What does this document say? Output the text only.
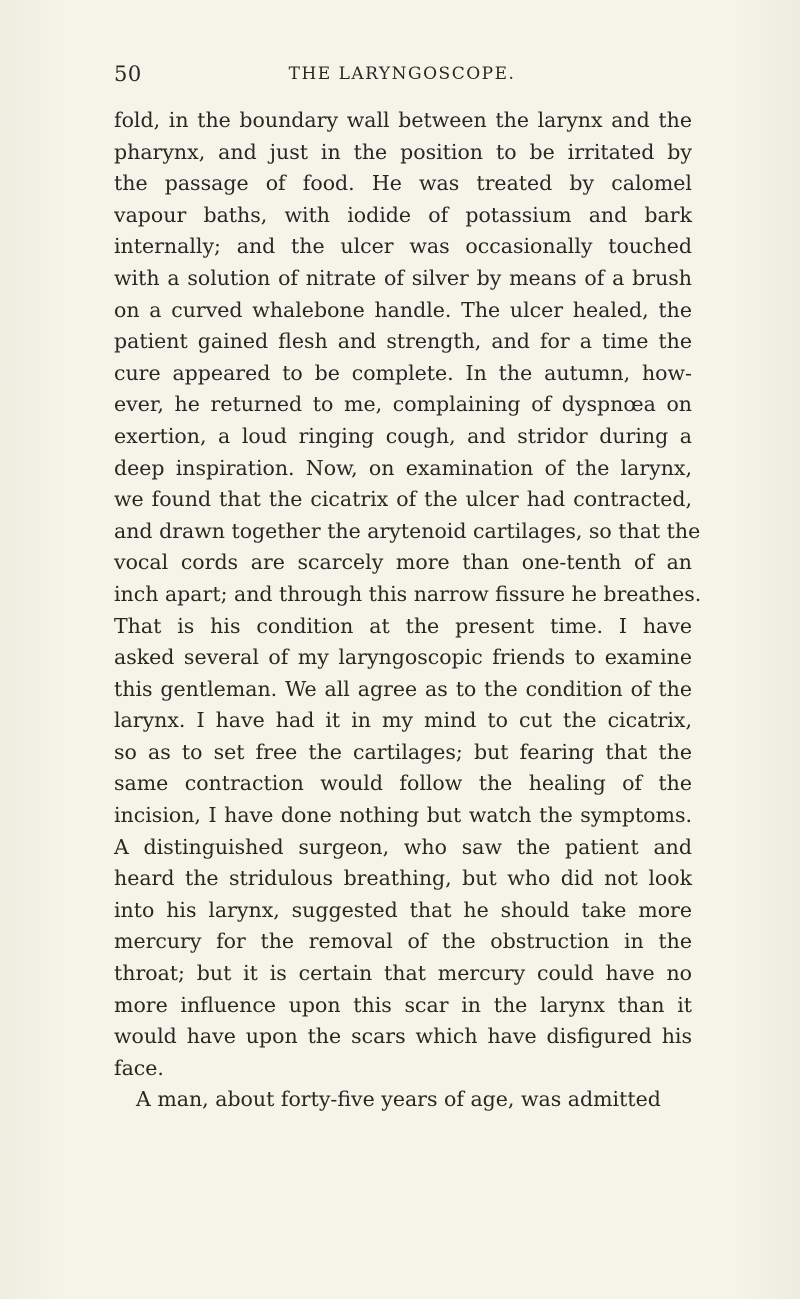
50	THE LARYNGOSCOPE.
fold, in the boundary wall between the larynx and the
pharynx, and just in the position to be irritated by
the passage of food. He was treated by calomel
vapour baths, with iodide of potassium and bark
internally; and the ulcer was occasionally touched
with a solution of nitrate of silver by means of a brush
on a curved whalebone handle. The ulcer healed, the
patient gained flesh and strength, and for a time the
cure appeared to be complete. In the autumn, how-
ever, he returned to me, complaining of dyspnœa on
exertion, a loud ringing cough, and stridor during a
deep inspiration. Now, on examination of the larynx,
we found that the cicatrix of the ulcer had contracted,
and drawn together the arytenoid cartilages, so that the
vocal cords are scarcely more than one-tenth of an
inch apart; and through this narrow fissure he breathes.
That is his condition at the present time. I have
asked several of my laryngoscopic friends to examine
this gentleman. We all agree as to the condition of the
larynx. I have had it in my mind to cut the cicatrix,
so as to set free the cartilages; but fearing that the
same contraction would follow the healing of the
incision, I have done nothing but watch the symptoms.
A distinguished surgeon, who saw the patient and
heard the stridulous breathing, but who did not look
into his larynx, suggested that he should take more
mercury for the removal of the obstruction in the
throat; but it is certain that mercury could have no
more influence upon this scar in the larynx than it
would have upon the scars which have disfigured his
face.
A man, about forty-five years of age, was admitted
